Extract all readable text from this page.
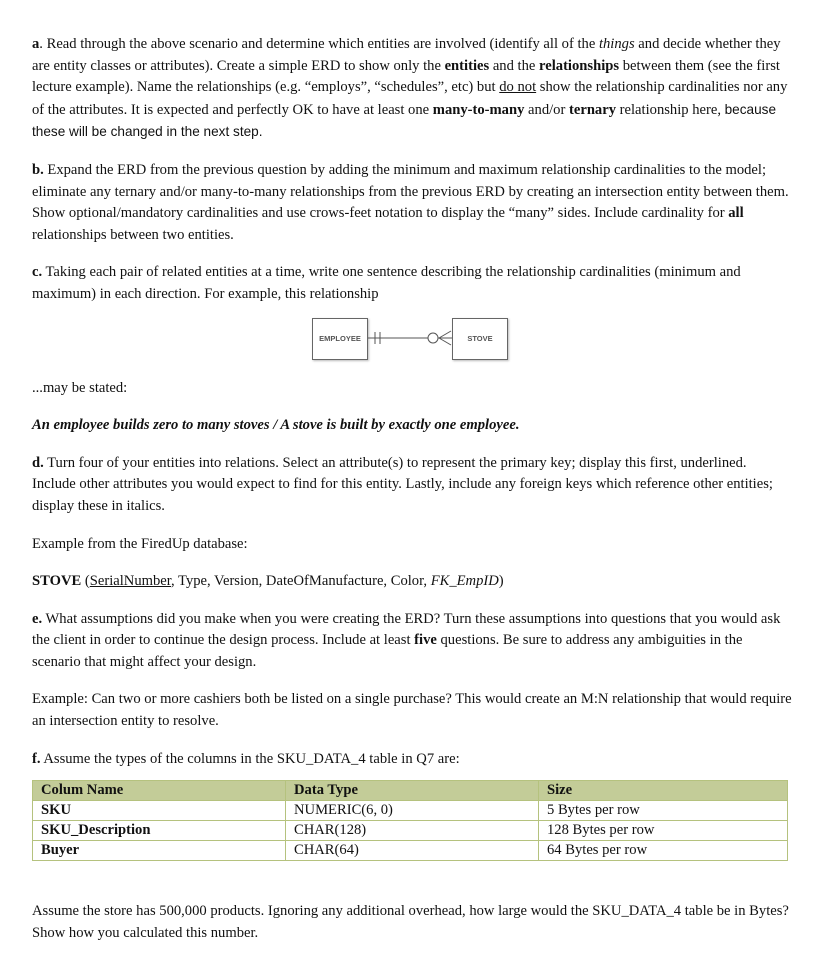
a. Read through the above scenario and determine which entities are involved (identify all of the things and decide whether they are entity classes or attributes). Create a simple ERD to show only the entities and the relationships between them (see the first lecture example). Name the relationships (e.g. “employs”, “schedules”, etc) but do not show the relationship cardinalities nor any of the attributes. It is expected and perfectly OK to have at least one many-to-many and/or ternary relationship here, because these will be changed in the next step.

b. Expand the ERD from the previous question by adding the minimum and maximum relationship cardinalities to the model; eliminate any ternary and/or many-to-many relationships from the previous ERD by creating an intersection entity between them. Show optional/mandatory cardinalities and use crows-feet notation to display the “many” sides. Include cardinality for all relationships between two entities.

c. Taking each pair of related entities at a time, write one sentence describing the relationship cardinalities (minimum and maximum) in each direction. For example, this relationship

EMPLOYEE	STOVE

...may be stated:

An employee builds zero to many stoves / A stove is built by exactly one employee.

d. Turn four of your entities into relations. Select an attribute(s) to represent the primary key; display this first, underlined. Include other attributes you would expect to find for this entity. Lastly, include any foreign keys which reference other entities; display these in italics.

Example from the FiredUp database:

STOVE (SerialNumber, Type, Version, DateOfManufacture, Color, FK_EmpID)

e. What assumptions did you make when you were creating the ERD? Turn these assumptions into questions that you would ask the client in order to continue the design process. Include at least five questions. Be sure to address any ambiguities in the scenario that might affect your design.

Example: Can two or more cashiers both be listed on a single purchase? This would create an M:N relationship that would require an intersection entity to resolve.

f. Assume the types of the columns in the SKU_DATA_4 table in Q7 are:

Colum Name	Data Type	Size
SKU	NUMERIC(6, 0)	5 Bytes per row
SKU_Description	CHAR(128)	128 Bytes per row
Buyer	CHAR(64)	64 Bytes per row

Assume the store has 500,000 products. Ignoring any additional overhead, how large would the SKU_DATA_4 table be in Bytes? Show how you calculated this number.
